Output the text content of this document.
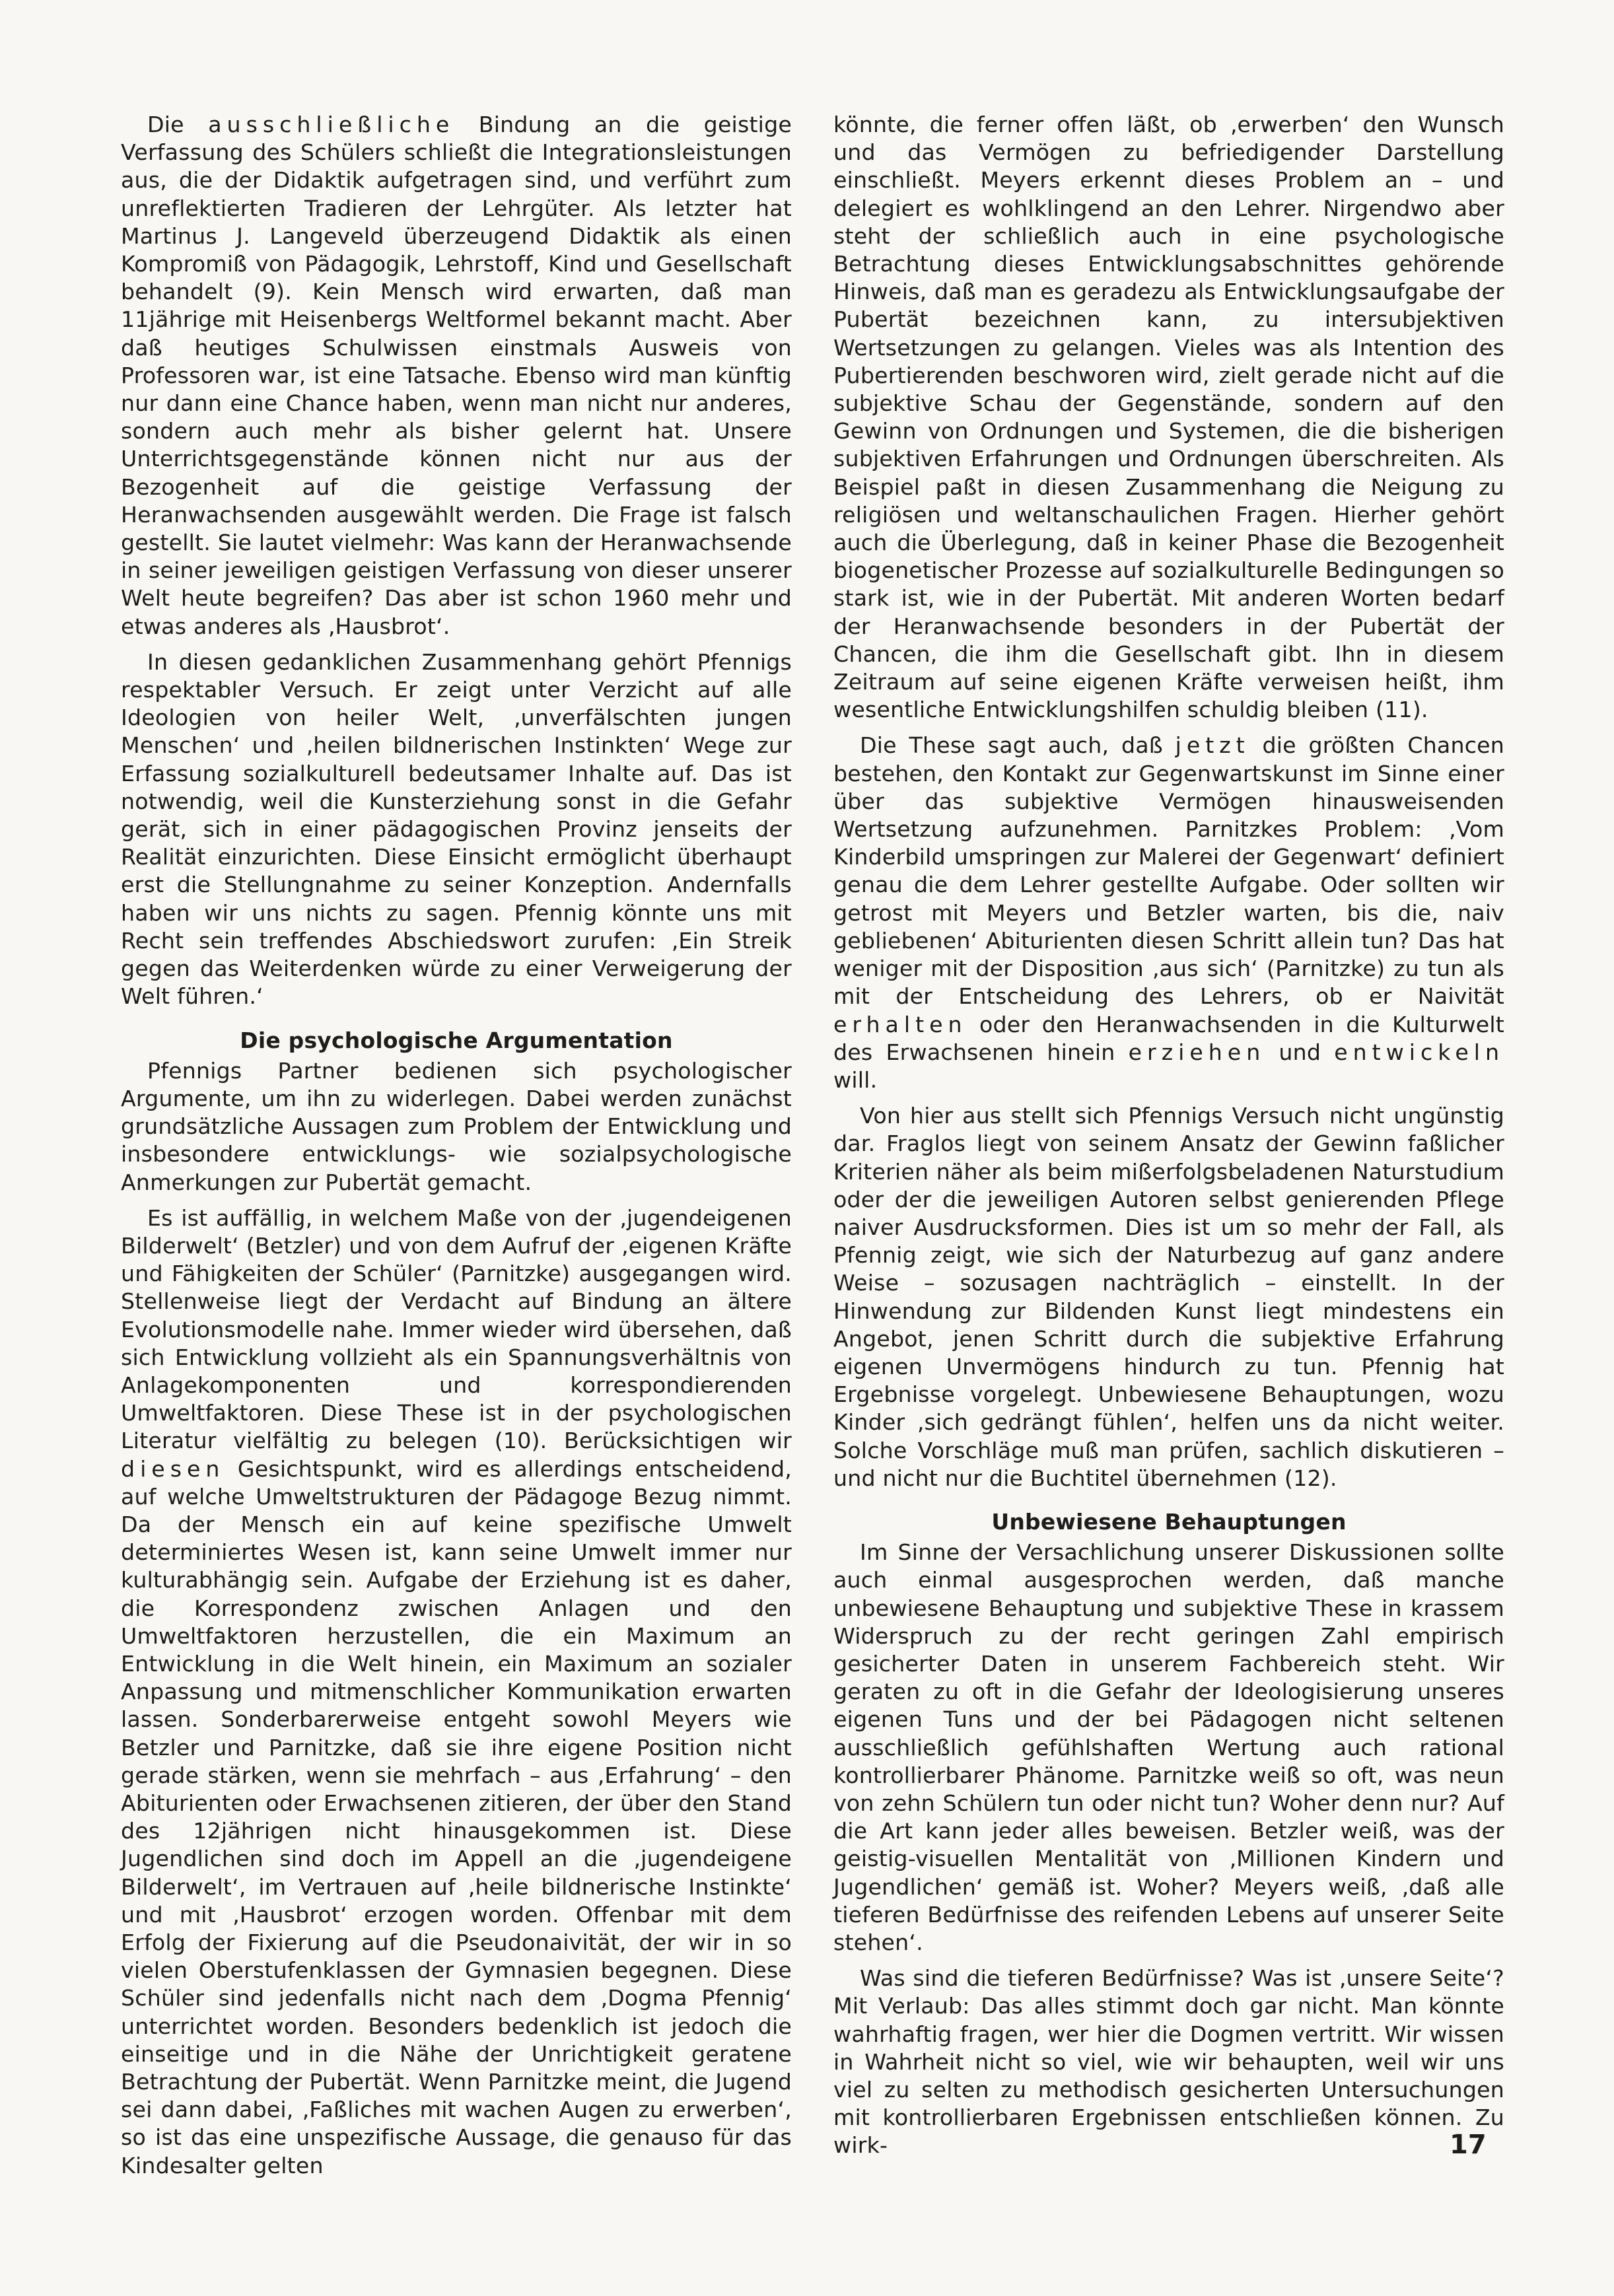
Die ausschließliche Bindung an die geistige Verfassung des Schülers schließt die Integrationsleistungen aus, die der Didaktik aufgetragen sind, und verführt zum unreflektierten Tradieren der Lehrgüter. Als letzter hat Martinus J. Langeveld überzeugend Didaktik als einen Kompromiß von Pädagogik, Lehrstoff, Kind und Gesellschaft behandelt (9). Kein Mensch wird erwarten, daß man 11jährige mit Heisenbergs Weltformel bekannt macht. Aber daß heutiges Schulwissen einstmals Ausweis von Professoren war, ist eine Tatsache. Ebenso wird man künftig nur dann eine Chance haben, wenn man nicht nur anderes, sondern auch mehr als bisher gelernt hat. Unsere Unterrichtsgegenstände können nicht nur aus der Bezogenheit auf die geistige Verfassung der Heranwachsenden ausgewählt werden. Die Frage ist falsch gestellt. Sie lautet vielmehr: Was kann der Heranwachsende in seiner jeweiligen geistigen Verfassung von dieser unserer Welt heute begreifen? Das aber ist schon 1960 mehr und etwas anderes als ‚Hausbrot‘.

In diesen gedanklichen Zusammenhang gehört Pfennigs respektabler Versuch. Er zeigt unter Verzicht auf alle Ideologien von heiler Welt, ‚unverfälschten jungen Menschen‘ und ‚heilen bildnerischen Instinkten‘ Wege zur Erfassung sozialkulturell bedeutsamer Inhalte auf. Das ist notwendig, weil die Kunsterziehung sonst in die Gefahr gerät, sich in einer pädagogischen Provinz jenseits der Realität einzurichten. Diese Einsicht ermöglicht überhaupt erst die Stellungnahme zu seiner Konzeption. Andernfalls haben wir uns nichts zu sagen. Pfennig könnte uns mit Recht sein treffendes Abschiedswort zurufen: ‚Ein Streik gegen das Weiterdenken würde zu einer Verweigerung der Welt führen.‘

Die psychologische Argumentation

Pfennigs Partner bedienen sich psychologischer Argumente, um ihn zu widerlegen. Dabei werden zunächst grundsätzliche Aussagen zum Problem der Entwicklung und insbesondere entwicklungs- wie sozialpsychologische Anmerkungen zur Pubertät gemacht.

Es ist auffällig, in welchem Maße von der ‚jugendeigenen Bilderwelt‘ (Betzler) und von dem Aufruf der ‚eigenen Kräfte und Fähigkeiten der Schüler‘ (Parnitzke) ausgegangen wird. Stellenweise liegt der Verdacht auf Bindung an ältere Evolutionsmodelle nahe. Immer wieder wird übersehen, daß sich Entwicklung vollzieht als ein Spannungsverhältnis von Anlagekomponenten und korrespondierenden Umweltfaktoren. Diese These ist in der psychologischen Literatur vielfältig zu belegen (10). Berücksichtigen wir diesen Gesichtspunkt, wird es allerdings entscheidend, auf welche Umweltstrukturen der Pädagoge Bezug nimmt. Da der Mensch ein auf keine spezifische Umwelt determiniertes Wesen ist, kann seine Umwelt immer nur kulturabhängig sein. Aufgabe der Erziehung ist es daher, die Korrespondenz zwischen Anlagen und den Umweltfaktoren herzustellen, die ein Maximum an Entwicklung in die Welt hinein, ein Maximum an sozialer Anpassung und mitmenschlicher Kommunikation erwarten lassen. Sonderbarerweise entgeht sowohl Meyers wie Betzler und Parnitzke, daß sie ihre eigene Position nicht gerade stärken, wenn sie mehrfach – aus ‚Erfahrung‘ – den Abiturienten oder Erwachsenen zitieren, der über den Stand des 12jährigen nicht hinausgekommen ist. Diese Jugendlichen sind doch im Appell an die ‚jugendeigene Bilderwelt‘, im Vertrauen auf ‚heile bildnerische Instinkte‘ und mit ‚Hausbrot‘ erzogen worden. Offenbar mit dem Erfolg der Fixierung auf die Pseudonaivität, der wir in so vielen Oberstufenklassen der Gymnasien begegnen. Diese Schüler sind jedenfalls nicht nach dem ‚Dogma Pfennig‘ unterrichtet worden. Besonders bedenklich ist jedoch die einseitige und in die Nähe der Unrichtigkeit geratene Betrachtung der Pubertät. Wenn Parnitzke meint, die Jugend sei dann dabei, ‚Faßliches mit wachen Augen zu erwerben‘, so ist das eine unspezifische Aussage, die genauso für das Kindesalter gelten

könnte, die ferner offen läßt, ob ‚erwerben‘ den Wunsch und das Vermögen zu befriedigender Darstellung einschließt. Meyers erkennt dieses Problem an – und delegiert es wohlklingend an den Lehrer. Nirgendwo aber steht der schließlich auch in eine psychologische Betrachtung dieses Entwicklungsabschnittes gehörende Hinweis, daß man es geradezu als Entwicklungsaufgabe der Pubertät bezeichnen kann, zu intersubjektiven Wertsetzungen zu gelangen. Vieles was als Intention des Pubertierenden beschworen wird, zielt gerade nicht auf die subjektive Schau der Gegenstände, sondern auf den Gewinn von Ordnungen und Systemen, die die bisherigen subjektiven Erfahrungen und Ordnungen überschreiten. Als Beispiel paßt in diesen Zusammenhang die Neigung zu religiösen und weltanschaulichen Fragen. Hierher gehört auch die Überlegung, daß in keiner Phase die Bezogenheit biogenetischer Prozesse auf sozialkulturelle Bedingungen so stark ist, wie in der Pubertät. Mit anderen Worten bedarf der Heranwachsende besonders in der Pubertät der Chancen, die ihm die Gesellschaft gibt. Ihn in diesem Zeitraum auf seine eigenen Kräfte verweisen heißt, ihm wesentliche Entwicklungshilfen schuldig bleiben (11).

Die These sagt auch, daß jetzt die größten Chancen bestehen, den Kontakt zur Gegenwartskunst im Sinne einer über das subjektive Vermögen hinausweisenden Wertsetzung aufzunehmen. Parnitzkes Problem: ‚Vom Kinderbild umspringen zur Malerei der Gegenwart‘ definiert genau die dem Lehrer gestellte Aufgabe. Oder sollten wir getrost mit Meyers und Betzler warten, bis die, naiv gebliebenen‘ Abiturienten diesen Schritt allein tun? Das hat weniger mit der Disposition ‚aus sich‘ (Parnitzke) zu tun als mit der Entscheidung des Lehrers, ob er Naivität erhalten oder den Heranwachsenden in die Kulturwelt des Erwachsenen hinein erziehen und entwickeln will.

Von hier aus stellt sich Pfennigs Versuch nicht ungünstig dar. Fraglos liegt von seinem Ansatz der Gewinn faßlicher Kriterien näher als beim mißerfolgsbeladenen Naturstudium oder der die jeweiligen Autoren selbst genierenden Pflege naiver Ausdrucksformen. Dies ist um so mehr der Fall, als Pfennig zeigt, wie sich der Naturbezug auf ganz andere Weise – sozusagen nachträglich – einstellt. In der Hinwendung zur Bildenden Kunst liegt mindestens ein Angebot, jenen Schritt durch die subjektive Erfahrung eigenen Unvermögens hindurch zu tun. Pfennig hat Ergebnisse vorgelegt. Unbewiesene Behauptungen, wozu Kinder ‚sich gedrängt fühlen‘, helfen uns da nicht weiter. Solche Vorschläge muß man prüfen, sachlich diskutieren – und nicht nur die Buchtitel übernehmen (12).

Unbewiesene Behauptungen

Im Sinne der Versachlichung unserer Diskussionen sollte auch einmal ausgesprochen werden, daß manche unbewiesene Behauptung und subjektive These in krassem Widerspruch zu der recht geringen Zahl empirisch gesicherter Daten in unserem Fachbereich steht. Wir geraten zu oft in die Gefahr der Ideologisierung unseres eigenen Tuns und der bei Pädagogen nicht seltenen ausschließlich gefühlshaften Wertung auch rational kontrollierbarer Phänome. Parnitzke weiß so oft, was neun von zehn Schülern tun oder nicht tun? Woher denn nur? Auf die Art kann jeder alles beweisen. Betzler weiß, was der geistig-visuellen Mentalität von ‚Millionen Kindern und Jugendlichen‘ gemäß ist. Woher? Meyers weiß, ‚daß alle tieferen Bedürfnisse des reifenden Lebens auf unserer Seite stehen‘.

Was sind die tieferen Bedürfnisse? Was ist ‚unsere Seite‘? Mit Verlaub: Das alles stimmt doch gar nicht. Man könnte wahrhaftig fragen, wer hier die Dogmen vertritt. Wir wissen in Wahrheit nicht so viel, wie wir behaupten, weil wir uns viel zu selten zu methodisch gesicherten Untersuchungen mit kontrollierbaren Ergebnissen entschließen können. Zu wirk-	17
